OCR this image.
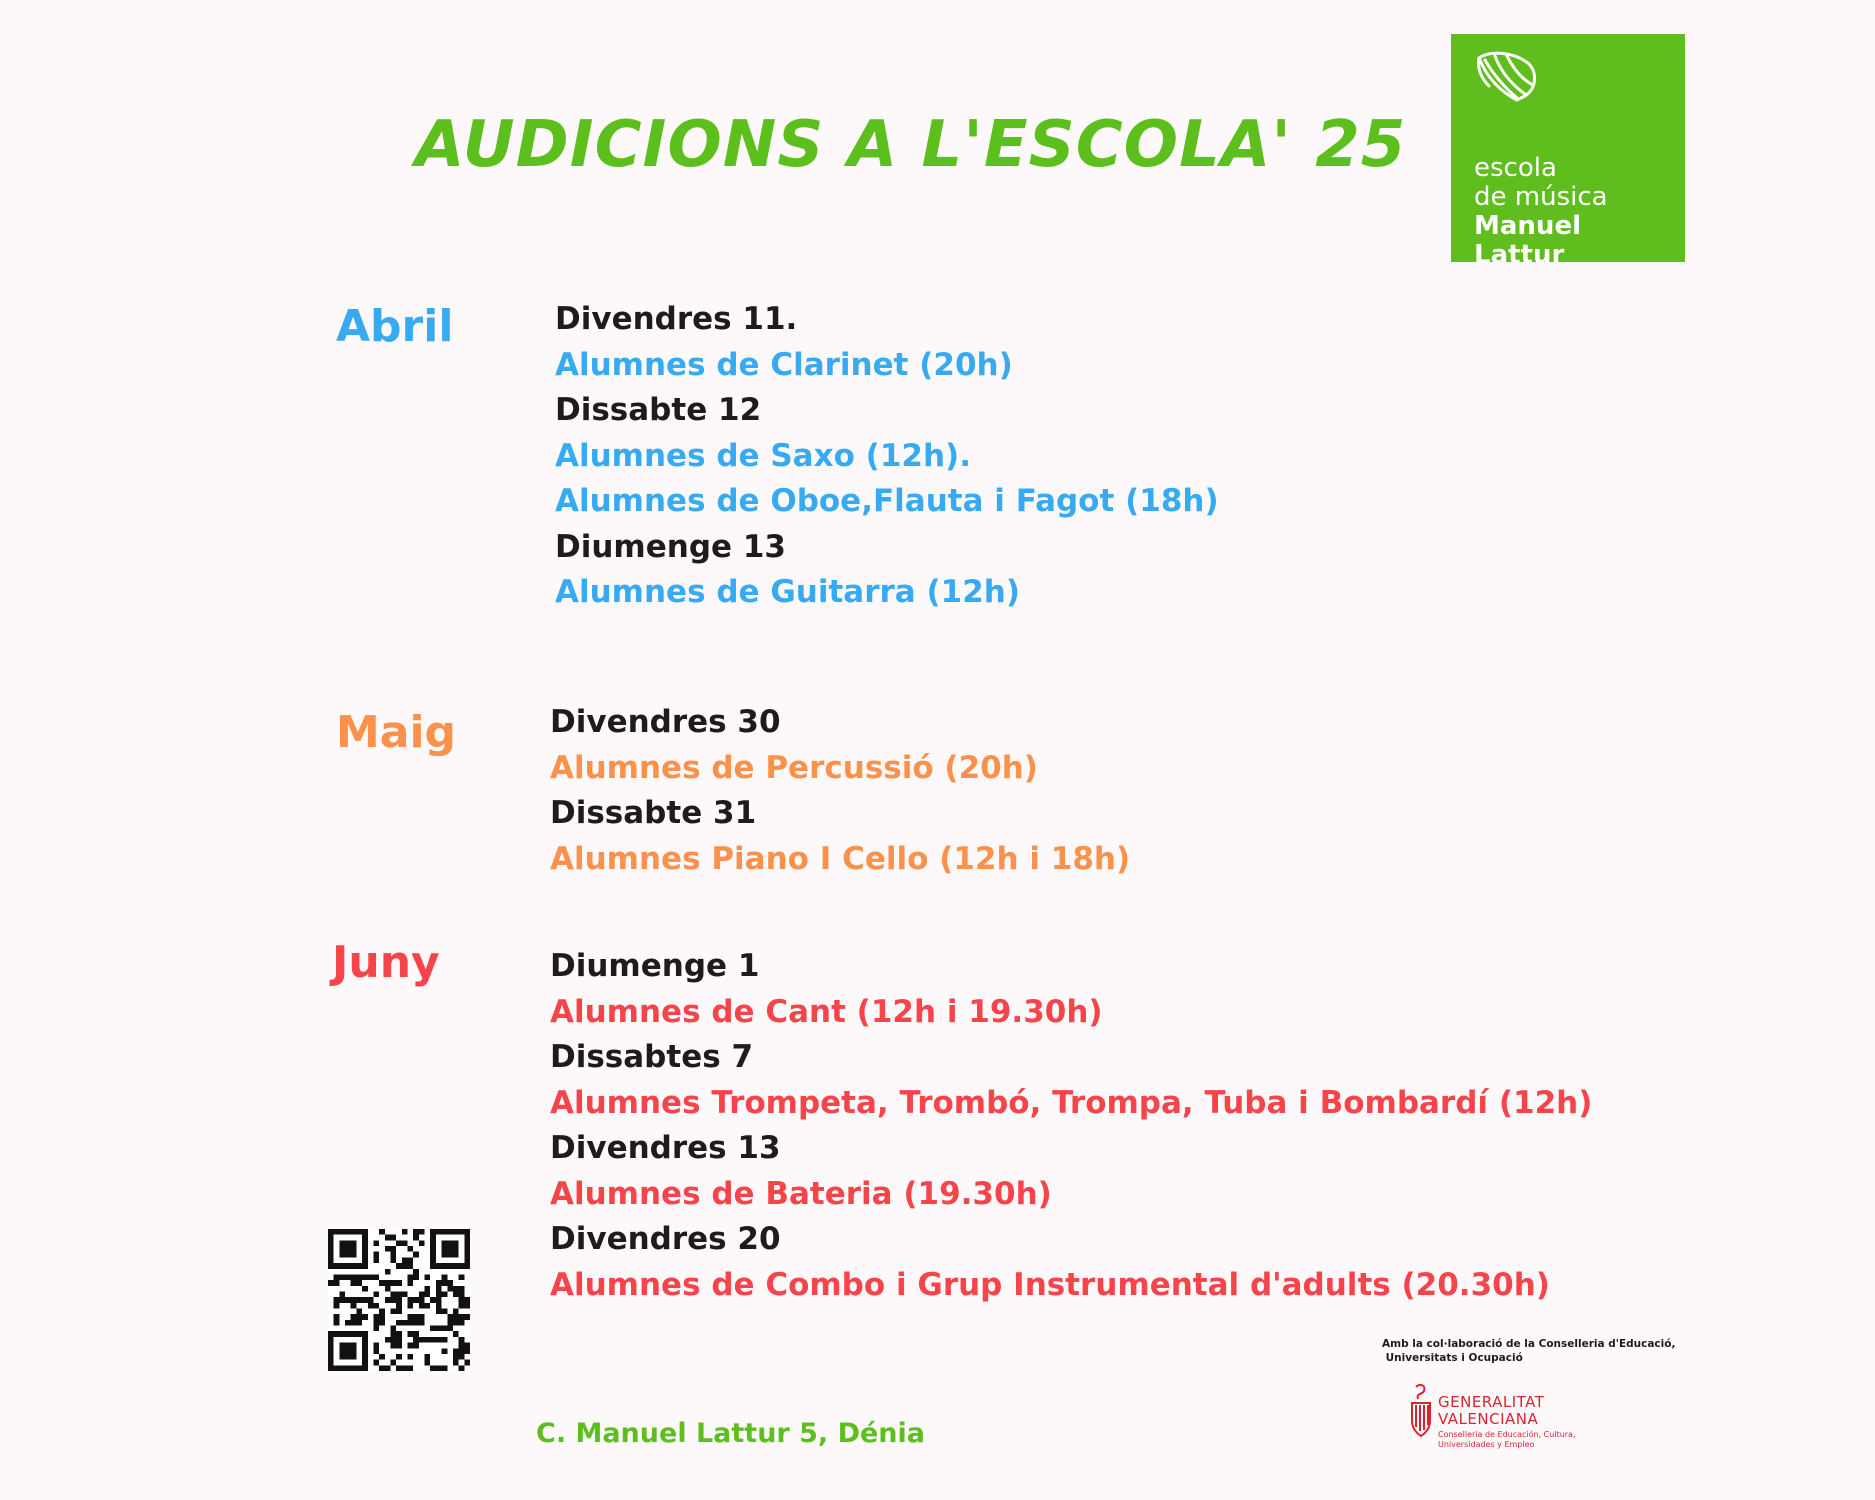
AUDICIONS A L'ESCOLA' 25	escola
de música
Manuel
Lattur
Abril	Divendres 11.
Alumnes de Clarinet (20h)
Dissabte 12
Alumnes de Saxo (12h).
Alumnes de Oboe,Flauta i Fagot (18h)
Diumenge 13
Alumnes de Guitarra (12h)
Maig	Divendres 30
Alumnes de Percussió (20h)
Dissabte 31
Alumnes Piano I Cello (12h i 18h)
Juny	Diumenge 1
Alumnes de Cant (12h i 19.30h)
Dissabtes 7
Alumnes Trompeta, Trombó, Trompa, Tuba i Bombardí (12h)
Divendres 13
Alumnes de Bateria (19.30h)
Divendres 20
Alumnes de Combo i Grup Instrumental d'adults (20.30h)
C. Manuel Lattur 5, Dénia
Amb la col·laboració de la Conselleria d'Educació,
Universitats i Ocupació
GENERALITAT
VALENCIANA
Conselleria de Educación, Cultura,
Universidades y Empleo
